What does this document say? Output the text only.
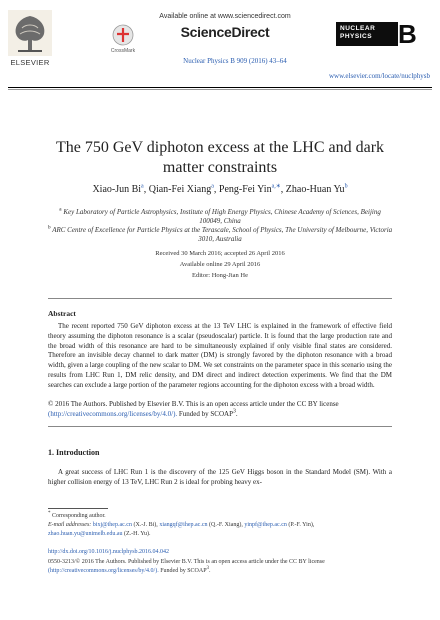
ELSEVIER
Available online at www.sciencedirect.com
CrossMark
ScienceDirect
Nuclear Physics B 909 (2016) 43–64
NUCLEAR PHYSICS B
www.elsevier.com/locate/nuclphysb
The 750 GeV diphoton excess at the LHC and dark matter constraints
Xiao-Jun Bi$^a$, Qian-Fei Xiang$^a$, Peng-Fei Yin$^{a,∗}$, Zhao-Huan Yu$^b$
$^a$ Key Laboratory of Particle Astrophysics, Institute of High Energy Physics, Chinese Academy of Sciences, Beijing 100049, China
$^b$ ARC Centre of Excellence for Particle Physics at the Terascale, School of Physics, The University of Melbourne, Victoria 3010, Australia
Received 30 March 2016; accepted 26 April 2016
Available online 29 April 2016
Editor: Hong-Jian He
Abstract

The recent reported 750 GeV diphoton excess at the 13 TeV LHC is explained in the framework of effective field theory assuming the diphoton resonance is a scalar (pseudoscalar) particle. It is found that the large production rate and the broad width of this resonance are hard to be simultaneously explained if only visible final states are considered. Therefore an invisible decay channel to dark matter (DM) is strongly favored by the diphoton resonance with a broad width, given a large coupling of the new scalar to DM. We set constraints on the parameter space in this scenario using the results from LHC Run 1, DM relic density, and DM direct and indirect detection experiments. We find that the DM searches can exclude a large portion of the parameter regions accounting for the diphoton excess with a broad width.

© 2016 The Authors. Published by Elsevier B.V. This is an open access article under the CC BY license (http://creativecommons.org/licenses/by/4.0/). Funded by SCOAP$^3$.
1. Introduction

A great success of LHC Run 1 is the discovery of the 125 GeV Higgs boson in the Standard Model (SM). With a higher collision energy of 13 TeV, LHC Run 2 is ideal for probing heavy ex-

* Corresponding author.
E-mail addresses: bixj@ihep.ac.cn (X.-J. Bi), xiangqf@ihep.ac.cn (Q.-F. Xiang), yinpf@ihep.ac.cn (P.-F. Yin),
zhao.huan.yu@unimelb.edu.au (Z.-H. Yu).
http://dx.doi.org/10.1016/j.nuclphysb.2016.04.042
0550-3213/© 2016 The Authors. Published by Elsevier B.V. This is an open access article under the CC BY license
(http://creativecommons.org/licenses/by/4.0/). Funded by SCOAP$^3$.
